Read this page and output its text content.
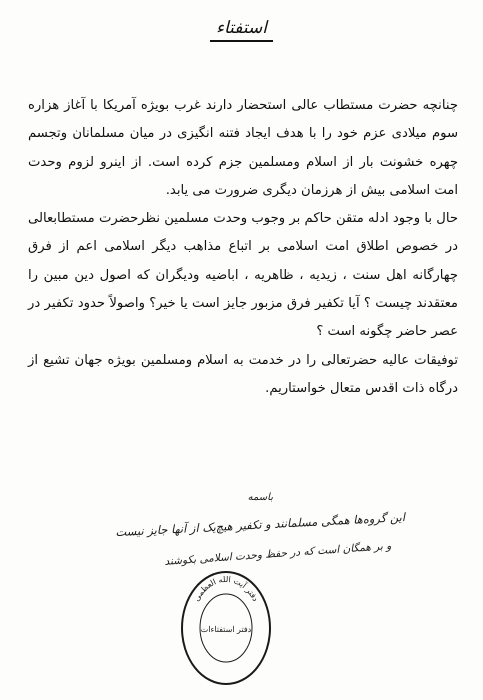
استفتاء

چنانچه حضرت مستطاب عالی استحضار دارند غرب بویژه آمریکا با آغاز هزاره سوم میلادی عزم خود را با هدف ایجاد فتنه انگیزی در میان مسلمانان وتجسم چهره خشونت بار از اسلام ومسلمین جزم کرده است. از اینرو لزوم وحدت امت اسلامی بیش از هرزمان دیگری ضرورت می یابد.

حال با وجود ادله متقن حاکم بر وجوب وحدت مسلمین نظرحضرت مستطابعالی در خصوص اطلاق امت اسلامی بر اتباع مذاهب دیگر اسلامی اعم از فرق چهارگانه اهل سنت ، زیدیه ، ظاهریه ، اباضیه ودیگران که اصول دین مبین را معتقدند چیست ؟ آیا تکفیر فرق مزبور جایز است یا خیر؟ واصولاً حدود تکفیر در عصر حاضر چگونه است ؟

توفیقات عالیه حضرتعالی را در خدمت به اسلام ومسلمین بویژه جهان تشیع از درگاه ذات اقدس متعال خواستاریم.

باسمه
این گروه‌ها همگی مسلمانند و تکفیر هیچ‌یک از آنها جایز نیست
و بر همگان است که در حفظ وحدت اسلامی بکوشند
دفتر آیت الله العظمی
دفتر استفتاءات
